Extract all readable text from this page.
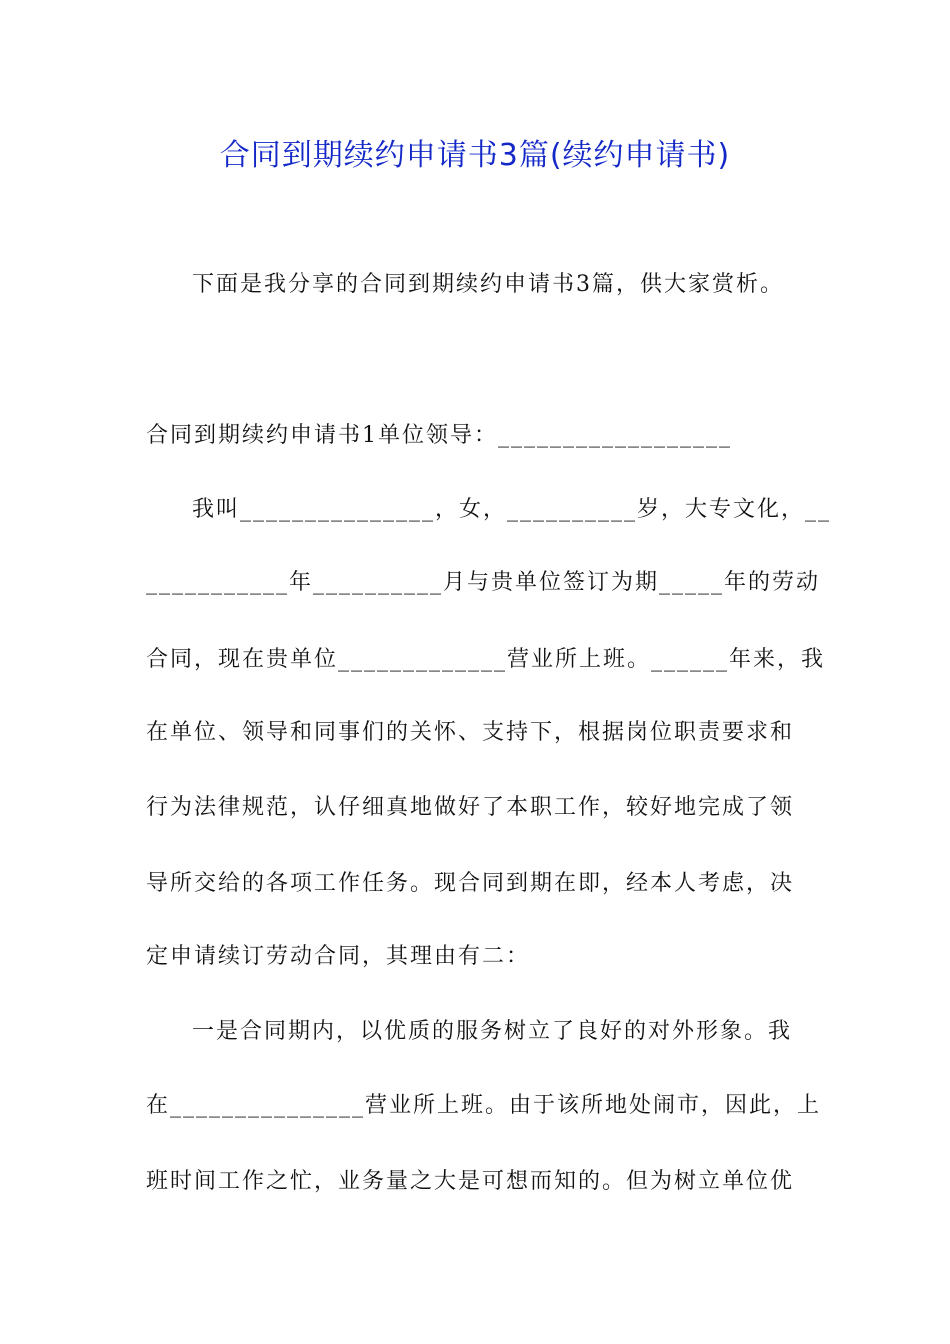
合同到期续约申请书3篇(续约申请书)
下面是我分享的合同到期续约申请书3篇，供大家赏析。
合同到期续约申请书1单位领导：__________________
我叫_______________，女，__________岁，大专文化，__
___________年__________月与贵单位签订为期_____年的劳动
合同，现在贵单位_____________营业所上班。______年来，我
在单位、领导和同事们的关怀、支持下，根据岗位职责要求和
行为法律规范，认仔细真地做好了本职工作，较好地完成了领
导所交给的各项工作任务。现合同到期在即，经本人考虑，决
定申请续订劳动合同，其理由有二：
一是合同期内，以优质的服务树立了良好的对外形象。我
在_______________营业所上班。由于该所地处闹市，因此，上
班时间工作之忙，业务量之大是可想而知的。但为树立单位优
